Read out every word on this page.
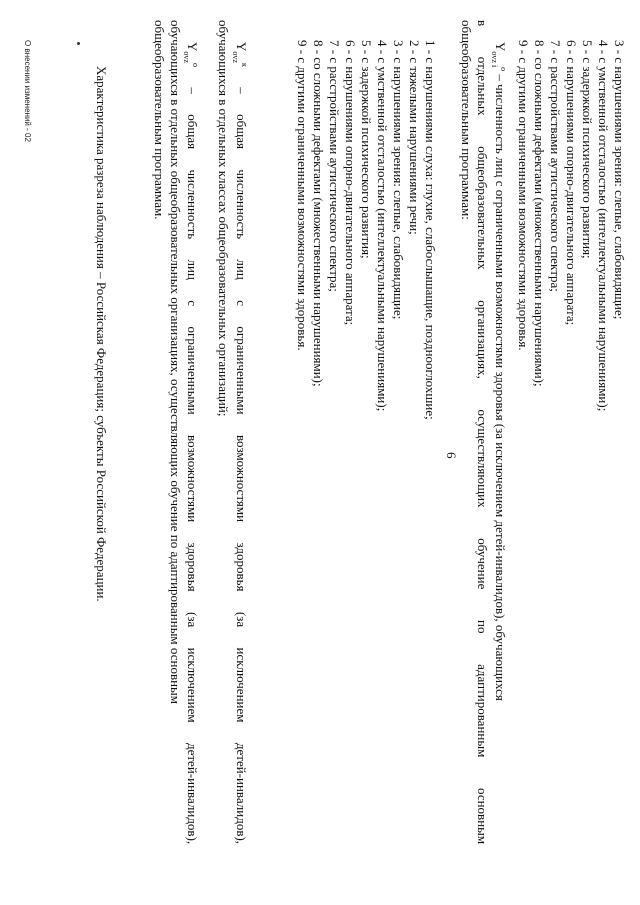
6
3 - с нарушениями зрения: слепые, слабовидящие;
4 - с умственной отсталостью (интеллектуальными нарушениями);
5 - с задержкой психического развития;
6 - с нарушениями опорно-двигательного аппарата;
7 - с расстройствами аутистического спектра;
8 - со сложными дефектами (множественными нарушениями);
9 - с другими ограниченными возможностями здоровья.
$Y_{ovz i}^o$ – численность лиц с ограниченными возможностями здоровья (за исключением детей-инвалидов), обучающихся
в отдельных общеобразовательных организациях, осуществляющих обучение по адаптированным основным
общеобразовательным программам:
1 - с нарушениями слуха: глухие, слабослышащие, позднооглохшие;
2 - с тяжелыми нарушениями речи;
3 - с нарушениями зрения: слепые, слабовидящие;
4 - с умственной отсталостью (интеллектуальными нарушениями);
5 - с задержкой психического развития;
6 - с нарушениями опорно-двигательного аппарата;
7 - с расстройствами аутистического спектра;
8 - со сложными дефектами (множественными нарушениями);
9 - с другими ограниченными возможностями здоровья.
$Y_{ovz}^к$ – общая численность лиц с ограниченными возможностями здоровья (за исключением детей-инвалидов),
обучающихся в отдельных классах общеобразовательных организаций;
$Y_{ovz}^о$ – общая численность лиц с ограниченными возможностями здоровья (за исключением детей-инвалидов),
обучающихся в отдельных общеобразовательных организациях, осуществляющих обучение по адаптированным основным
общеобразовательным программам.
Характеристика разреза наблюдения – Российская Федерация; субъекты Российской Федерации.
О внесении изменений - 02
